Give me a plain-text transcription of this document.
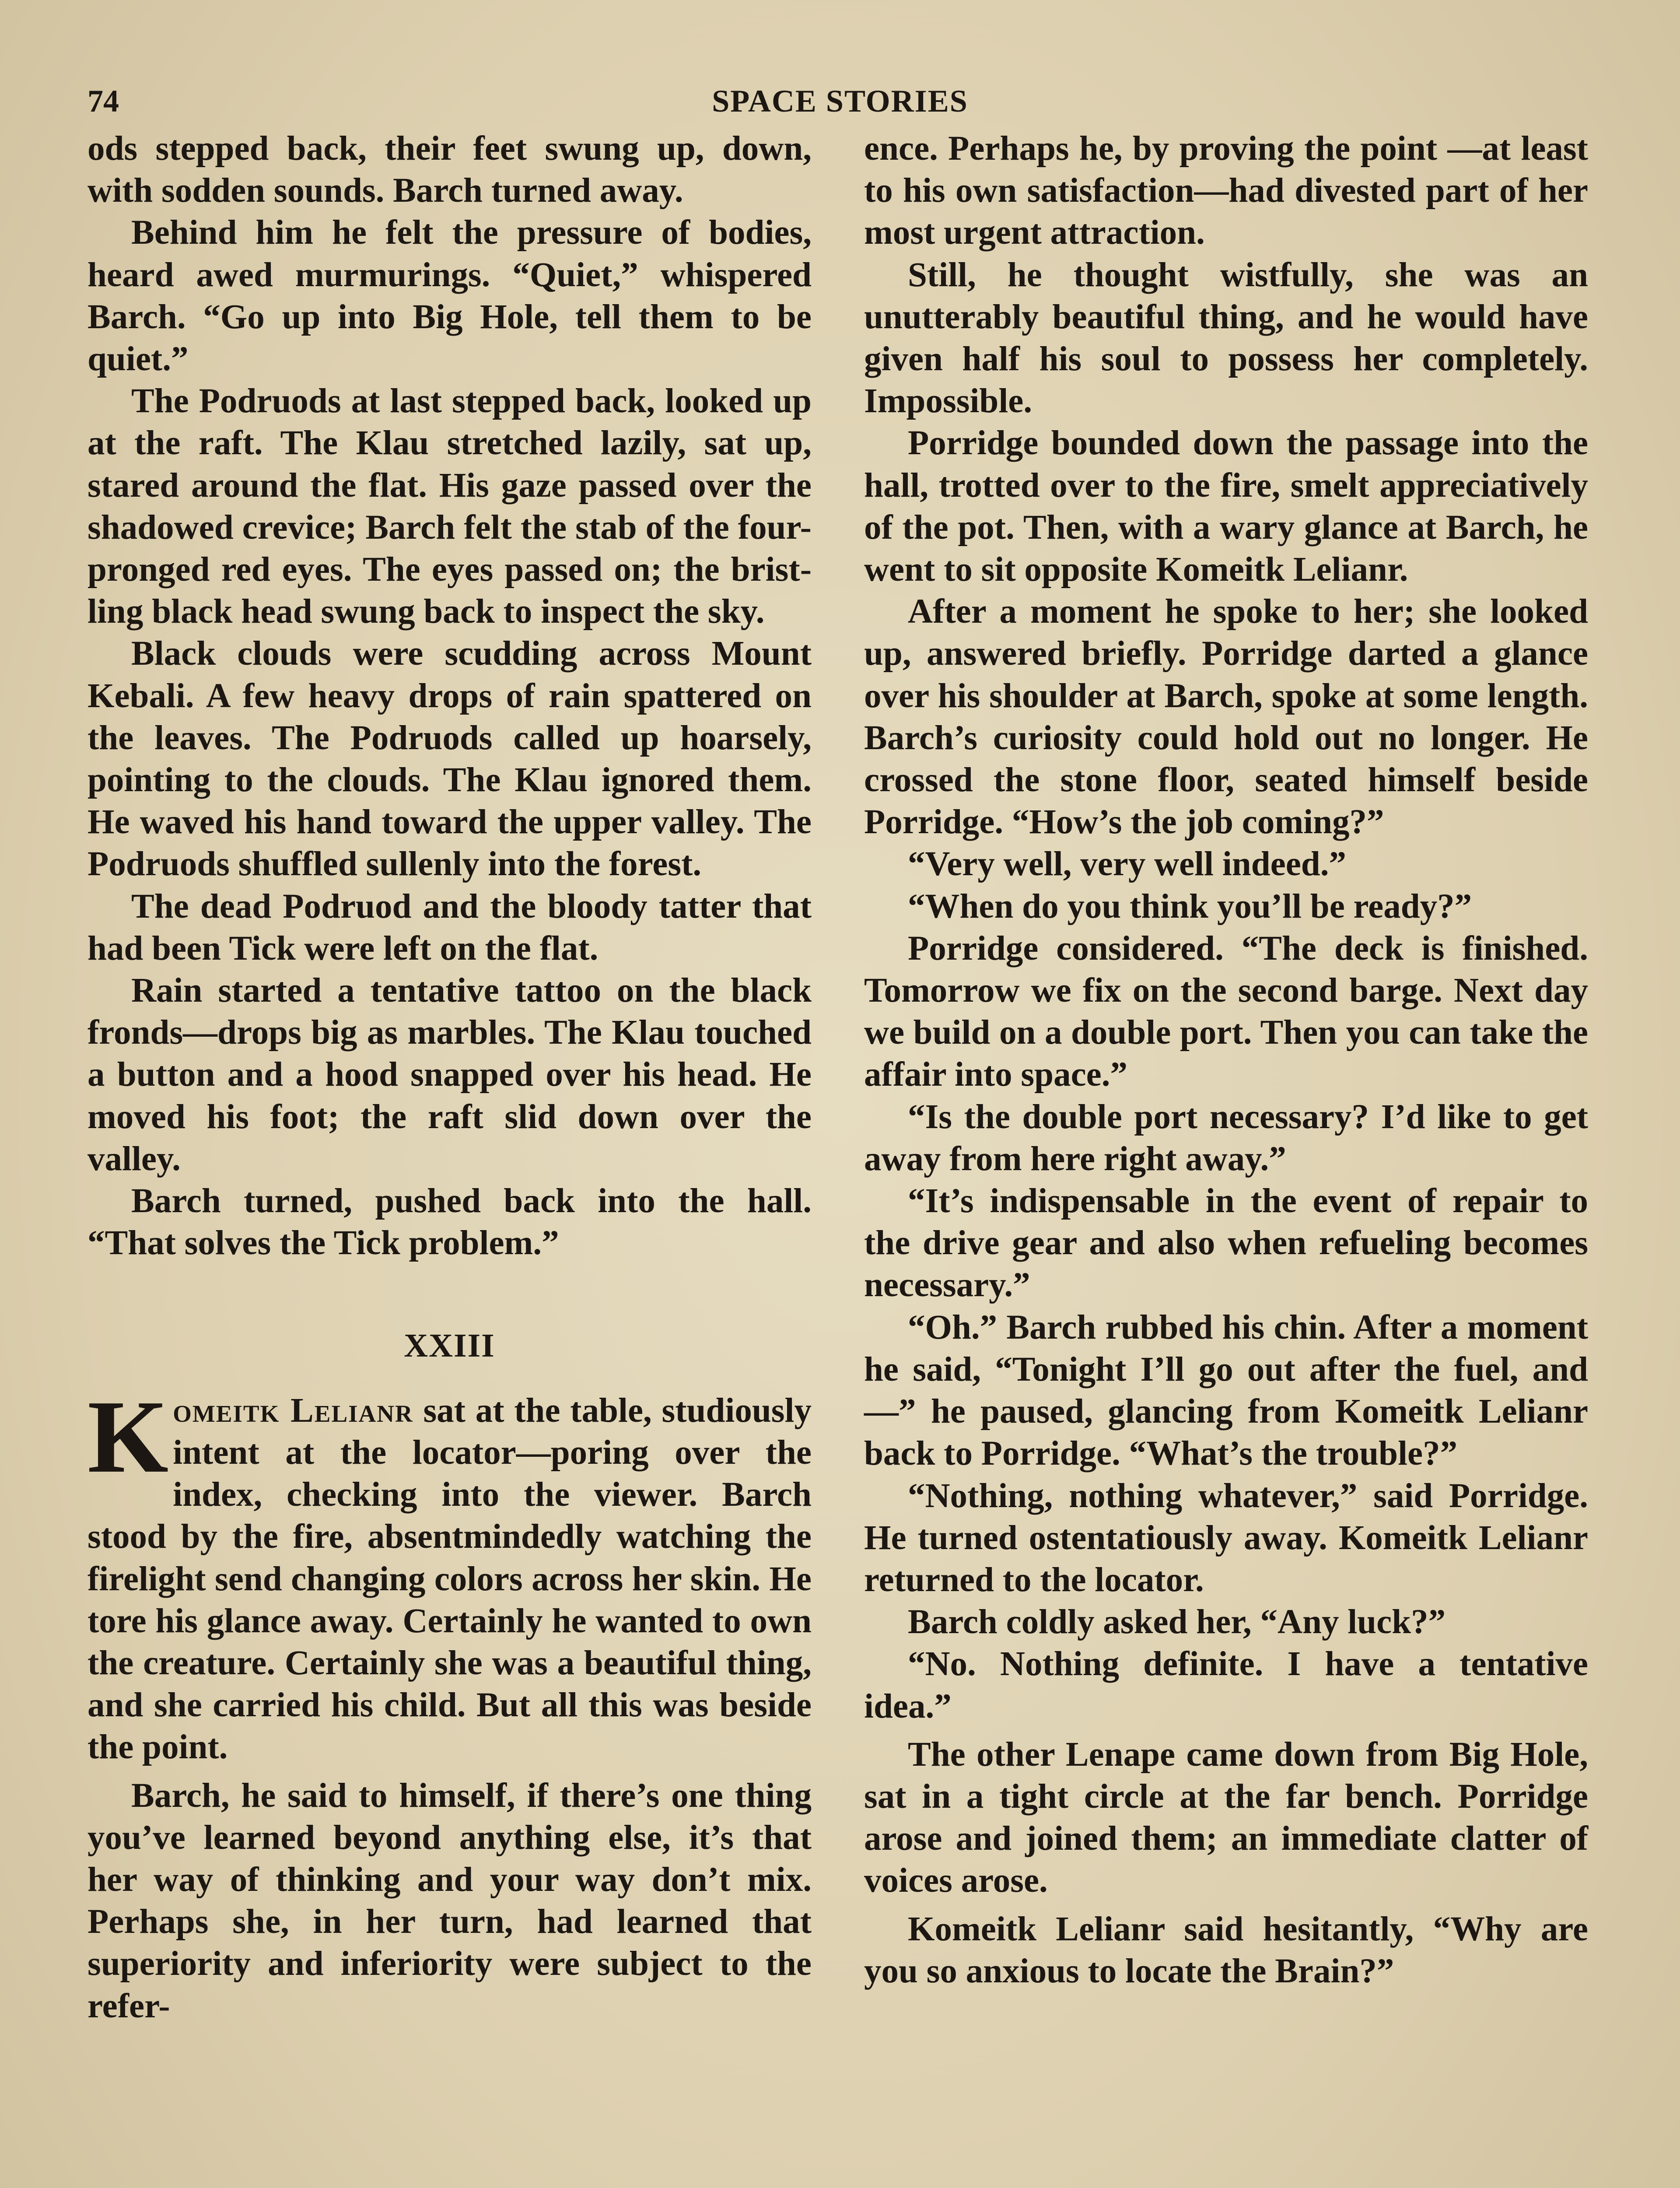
74	SPACE STORIES

ods stepped back, their feet swung up, down, with sodden sounds. Barch turned away.

Behind him he felt the pressure of bodies, heard awed murmurings. “Quiet,” whispered Barch. “Go up into Big Hole, tell them to be quiet.”

The Podruods at last stepped back, looked up at the raft. The Klau stretched lazily, sat up, stared around the flat. His gaze passed over the shadowed crevice; Barch felt the stab of the four-pronged red eyes. The eyes passed on; the bristling black head swung back to inspect the sky.

Black clouds were scudding across Mount Kebali. A few heavy drops of rain spattered on the leaves. The Podruods called up hoarsely, pointing to the clouds. The Klau ignored them. He waved his hand toward the upper valley. The Podruods shuffled sullenly into the forest.

The dead Podruod and the bloody tatter that had been Tick were left on the flat.

Rain started a tentative tattoo on the black fronds—drops big as marbles. The Klau touched a button and a hood snapped over his head. He moved his foot; the raft slid down over the valley.

Barch turned, pushed back into the hall. “That solves the Tick problem.”

XXIII

Komeitk Lelianr sat at the table, studiously intent at the locator—poring over the index, checking into the viewer. Barch stood by the fire, absentmindedly watching the firelight send changing colors across her skin. He tore his glance away. Certainly he wanted to own the creature. Certainly she was a beautiful thing, and she carried his child. But all this was beside the point.

Barch, he said to himself, if there’s one thing you’ve learned beyond anything else, it’s that her way of thinking and your way don’t mix. Perhaps she, in her turn, had learned that superiority and inferiority were subject to the refer-

ence. Perhaps he, by proving the point —at least to his own satisfaction—had divested part of her most urgent attraction.

Still, he thought wistfully, she was an unutterably beautiful thing, and he would have given half his soul to possess her completely. Impossible.

Porridge bounded down the passage into the hall, trotted over to the fire, smelt appreciatively of the pot. Then, with a wary glance at Barch, he went to sit opposite Komeitk Lelianr.

After a moment he spoke to her; she looked up, answered briefly. Porridge darted a glance over his shoulder at Barch, spoke at some length. Barch’s curiosity could hold out no longer. He crossed the stone floor, seated himself beside Porridge. “How’s the job coming?”

“Very well, very well indeed.”

“When do you think you’ll be ready?”

Porridge considered. “The deck is finished. Tomorrow we fix on the second barge. Next day we build on a double port. Then you can take the affair into space.”

“Is the double port necessary? I’d like to get away from here right away.”

“It’s indispensable in the event of repair to the drive gear and also when refueling becomes necessary.”

“Oh.” Barch rubbed his chin. After a moment he said, “Tonight I’ll go out after the fuel, and—” he paused, glancing from Komeitk Lelianr back to Porridge. “What’s the trouble?”

“Nothing, nothing whatever,” said Porridge. He turned ostentatiously away. Komeitk Lelianr returned to the locator.

Barch coldly asked her, “Any luck?”

“No. Nothing definite. I have a tentative idea.”

The other Lenape came down from Big Hole, sat in a tight circle at the far bench. Porridge arose and joined them; an immediate clatter of voices arose.

Komeitk Lelianr said hesitantly, “Why are you so anxious to locate the Brain?”
